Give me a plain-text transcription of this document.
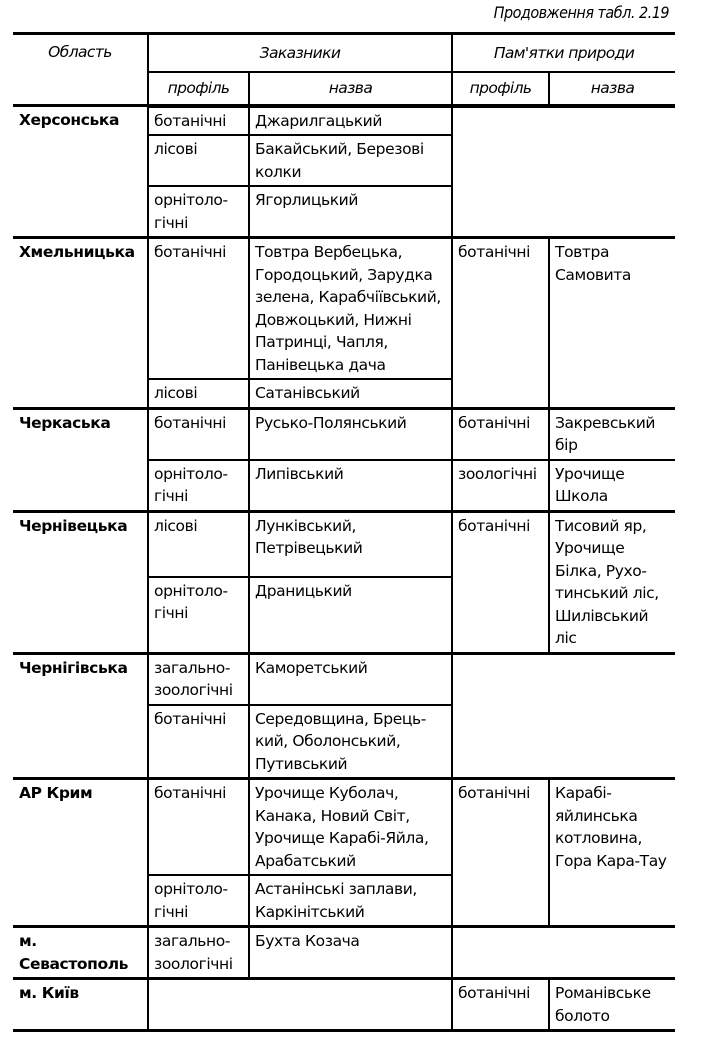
Продовження табл. 2.19
Область	Заказники		Пам'ятки природи	
	профіль	назва	профіль	назва
Херсонська	ботанічні	Джарилгацький		
	лісові	Бакайський, Березові колки		
	орнітоло-гічні	Ягорлицький		
Хмельницька	ботанічні	Товтра Вербецька, Городоцький, Зарудка зелена, Карабчіївський, Довжоцький, Нижні Патринці, Чапля, Панівецька дача	ботанічні	Товтра Самовита
	лісові	Сатанівський		
Черкаська	ботанічні	Русько-Полянський	ботанічні	Закревський бір
	орнітоло-гічні	Липівський	зоологічні	Урочище Школа
Чернівецька	лісові	Лунківський, Петрівецький	ботанічні	Тисовий яр, Урочище Білка, Рухо-тинський ліс, Шилівський ліс
	орнітоло-гічні	Драницький		
Чернігівська	загально-зоологічні	Каморетський		
	ботанічні	Середовщина, Брець-кий, Оболонський, Путивський		
АР Крим	ботанічні	Урочище Куболач, Канака, Новий Світ, Урочище Карабі-Яйла, Арабатський	ботанічні	Карабі-яйлинська котловина, Гора Кара-Тау
	орнітоло-гічні	Астанінські заплави, Каркінітський		
м. Севастополь	загально-зоологічні	Бухта Козача		
м. Київ			ботанічні	Романівське болото
